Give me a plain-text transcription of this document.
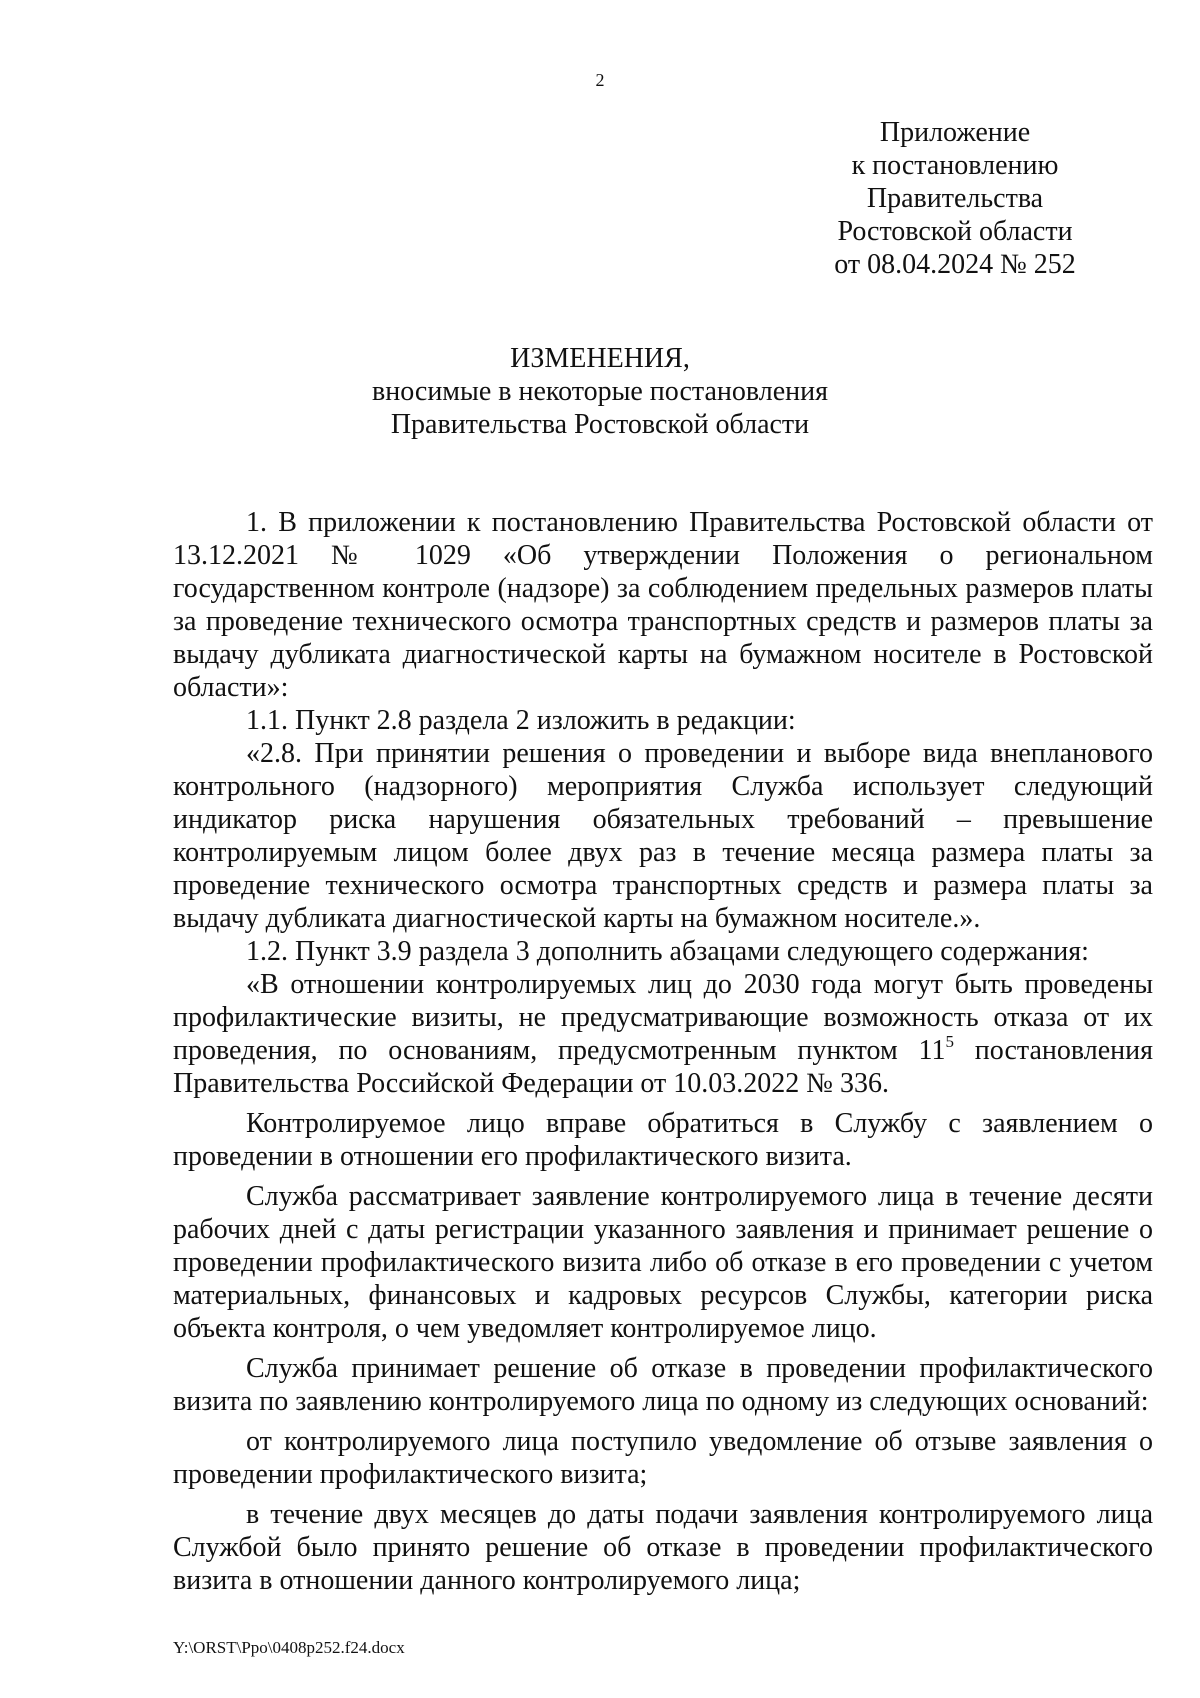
2
Приложение
к постановлению
Правительства
Ростовской области
от 08.04.2024 № 252
ИЗМЕНЕНИЯ,
вносимые в некоторые постановления
Правительства Ростовской области

1. В приложении к постановлению Правительства Ростовской области от 13.12.2021 № 1029 «Об утверждении Положения о региональном государственном контроле (надзоре) за соблюдением предельных размеров платы за проведение технического осмотра транспортных средств и размеров платы за выдачу дубликата диагностической карты на бумажном носителе в Ростовской области»:

1.1. Пункт 2.8 раздела 2 изложить в редакции:

«2.8. При принятии решения о проведении и выборе вида внепланового контрольного (надзорного) мероприятия Служба использует следующий индикатор риска нарушения обязательных требований – превышение контролируемым лицом более двух раз в течение месяца размера платы за проведение технического осмотра транспортных средств и размера платы за выдачу дубликата диагностической карты на бумажном носителе.».

1.2. Пункт 3.9 раздела 3 дополнить абзацами следующего содержания:

«В отношении контролируемых лиц до 2030 года могут быть проведены профилактические визиты, не предусматривающие возможность отказа от их проведения, по основаниям, предусмотренным пунктом $11^5$ постановления Правительства Российской Федерации от 10.03.2022 № 336.

Контролируемое лицо вправе обратиться в Службу с заявлением о проведении в отношении его профилактического визита.

Служба рассматривает заявление контролируемого лица в течение десяти рабочих дней с даты регистрации указанного заявления и принимает решение о проведении профилактического визита либо об отказе в его проведении с учетом материальных, финансовых и кадровых ресурсов Службы, категории риска объекта контроля, о чем уведомляет контролируемое лицо.

Служба принимает решение об отказе в проведении профилактического визита по заявлению контролируемого лица по одному из следующих оснований:

от контролируемого лица поступило уведомление об отзыве заявления о проведении профилактического визита;

в течение двух месяцев до даты подачи заявления контролируемого лица Службой было принято решение об отказе в проведении профилактического визита в отношении данного контролируемого лица;

Y:\ORST\Ppo\0408p252.f24.docx
